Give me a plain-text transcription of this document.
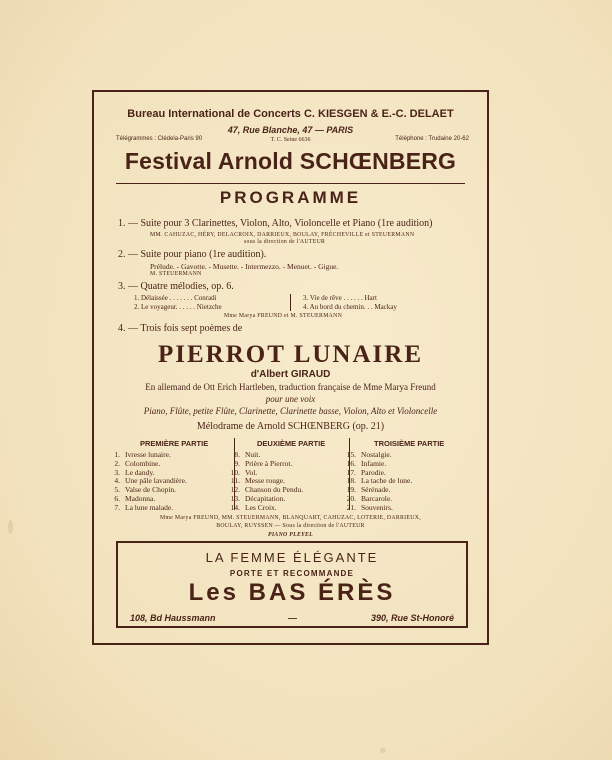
Bureau International de Concerts C. KIESGEN & E.-C. DELAET
47, Rue Blanche, 47 — PARIS
Télégrammes : Clédela-Paris 90	T. C. Seine 6636	Téléphone : Trudaine 20-62
Festival Arnold SCHŒNBERG
PROGRAMME
1. — Suite pour 3 Clarinettes, Violon, Alto, Violoncelle et Piano (1re audition)
MM. CAHUZAC, HÉRY, DELACROIX, DARRIEUX, BOULAY, FRÉCHEVILLE et STEUERMANN
sous la direction de l'AUTEUR
2. — Suite pour piano (1re audition).
Prélude. - Gavotte. - Musette. - Intermezzo. - Menuet. - Gigue.
M. STEUERMANN
3. — Quatre mélodies, op. 6.
1. Délaissée . . . . . . . Conradi
2. Le voyageur. . . . . . Nietzche
3. Vie de rêve . . . . . . Hart
4. Au bord du chemin. . . Mackay
Mme Marya FREUND et M. STEUERMANN
4. — Trois fois sept poèmes de
PIERROT LUNAIRE
d'Albert GIRAUD
En allemand de Ott Erich Hartleben, traduction française de Mme Marya Freund
pour une voix
Piano, Flûte, petite Flûte, Clarinette, Clarinette basse, Violon, Alto et Violoncelle
Mélodrame de Arnold SCHŒNBERG (op. 21)
PREMIÈRE PARTIE	DEUXIÈME PARTIE	TROISIÈME PARTIE
1. Ivresse lunaire.
2. Colombine.
3. Le dandy.
4. Une pâle lavandière.
5. Valse de Chopin.
6. Madonna.
7. La lune malade.
8. Nuit.
9. Prière à Pierrot.
10. Vol.
11. Messe rouge.
12. Chanson du Pendu.
13. Décapitation.
14. Les Croix.
15. Nostalgie.
16. Infamie.
17. Parodie.
18. La tache de lune.
19. Sérénade.
20. Barcarole.
21. Souvenirs.
Mme Marya FREUND, MM. STEUERMANN, BLANQUART, CAHUZAC, LOTERIE, DARRIEUX,
BOULAY, RUYSSEN — Sous la direction de l'AUTEUR
PIANO PLEYEL
LA FEMME ÉLÉGANTE
PORTE ET RECOMMANDE
Les BAS ÉRÈS
108, Bd Haussmann	—	390, Rue St-Honoré
